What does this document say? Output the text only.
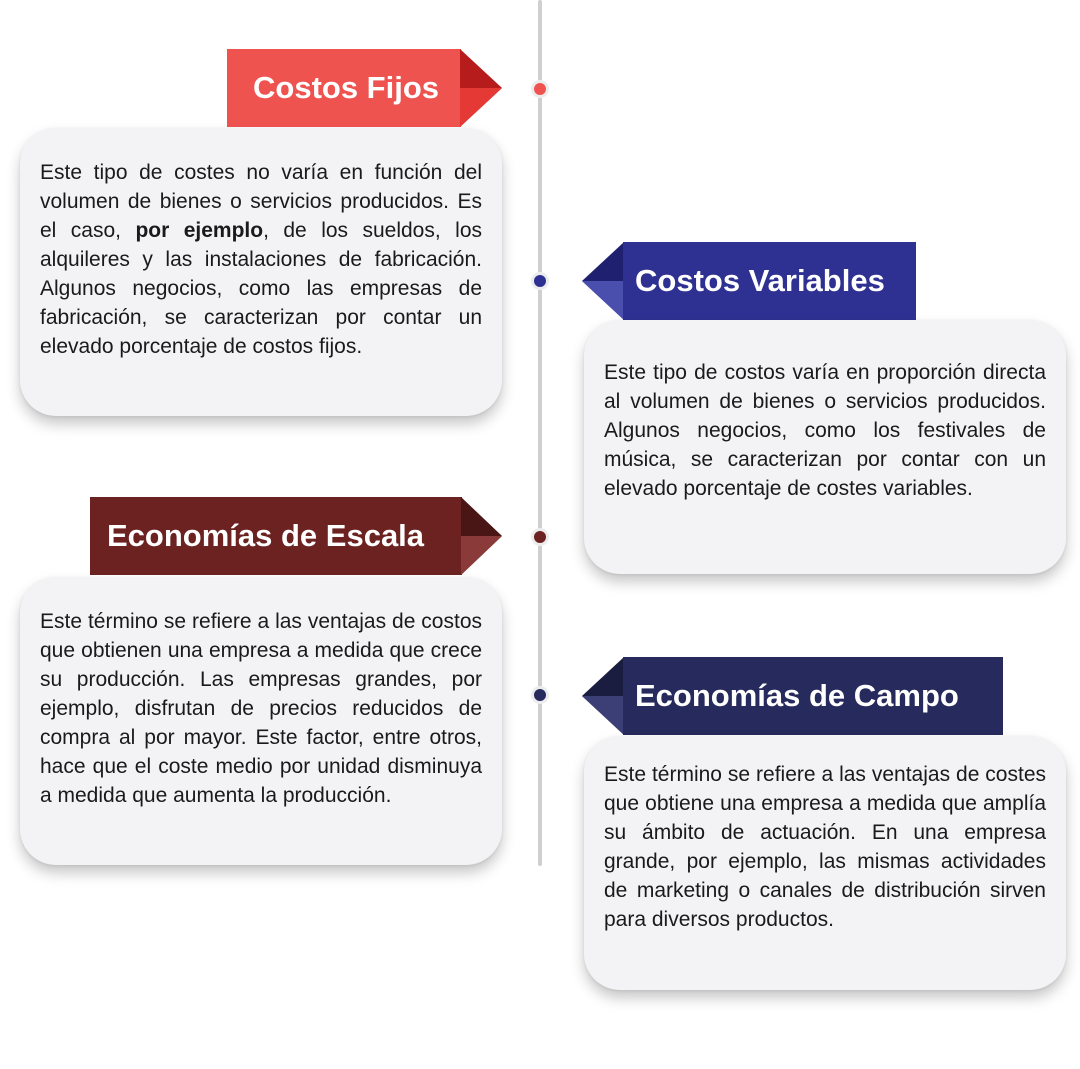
Costos Fijos

Este tipo de costes no varía en función del volumen de bienes o servicios producidos. Es el caso, por ejemplo, de los sueldos, los alquileres y las instalaciones de fabricación. Algunos negocios, como las empresas de fabricación, se caracterizan por contar un elevado porcentaje de costos fijos.

Costos Variables

Este tipo de costos varía en proporción directa al volumen de bienes o servicios producidos. Algunos negocios, como los festivales de música, se caracterizan por contar con un elevado porcentaje de costes variables.

Economías de Escala

Este término se refiere a las ventajas de costos que obtienen una empresa a medida que crece su producción. Las empresas grandes, por ejemplo, disfrutan de precios reducidos de compra al por mayor. Este factor, entre otros, hace que el coste medio por unidad disminuya a medida que aumenta la producción.

Economías de Campo

Este término se refiere a las ventajas de costes que obtiene una empresa a medida que amplía su ámbito de actuación. En una empresa grande, por ejemplo, las mismas actividades de marketing o canales de distribución sirven para diversos productos.
